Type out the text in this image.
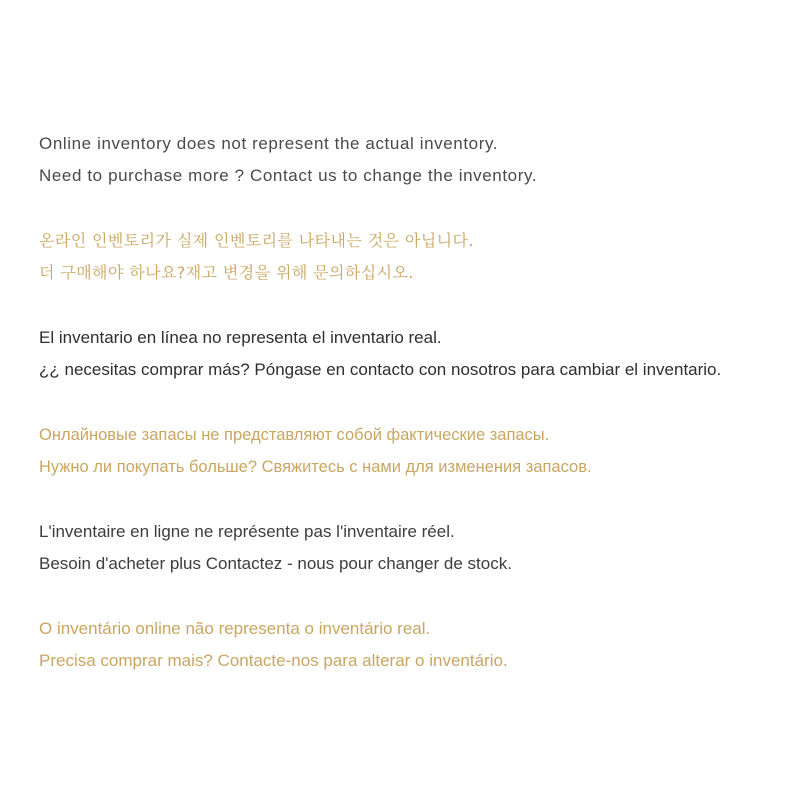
Online inventory does not represent the actual inventory.
Need to purchase more ? Contact us to change the inventory.
온라인 인벤토리가 실제 인벤토리를 나타내는 것은 아닙니다.
더 구매해야 하나요?재고 변경을 위해 문의하십시오.
El inventario en línea no representa el inventario real.
¿¿ necesitas comprar más? Póngase en contacto con nosotros para cambiar el inventario.
Онлайновые запасы не представляют собой фактические запасы.
Нужно ли покупать больше? Свяжитесь с нами для изменения запасов.
L'inventaire en ligne ne représente pas l'inventaire réel.
Besoin d'acheter plus Contactez - nous pour changer de stock.
O inventário online não representa o inventário real.
Precisa comprar mais? Contacte-nos para alterar o inventário.
